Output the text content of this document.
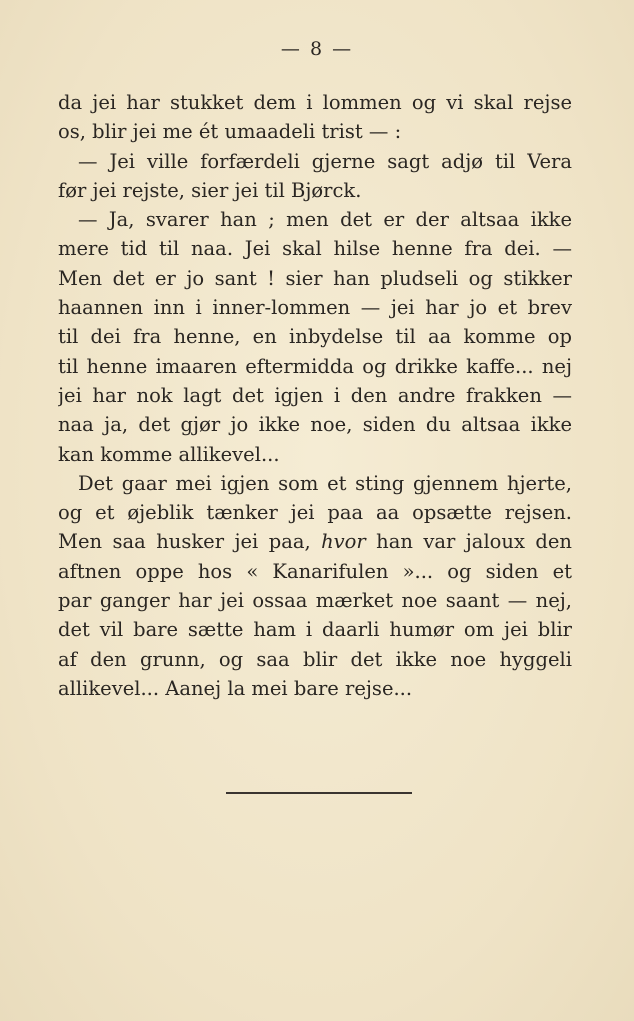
— 8 —
da jei har stukket dem i lommen og vi skal rejse
os, blir jei me ét umaadeli trist — :
— Jei ville forfærdeli gjerne sagt adjø til Vera
før jei rejste, sier jei til Bjørck.
— Ja, svarer han ; men det er der altsaa ikke
mere tid til naa. Jei skal hilse henne fra dei. —
Men det er jo sant ! sier han pludseli og stikker
haannen inn i inner-lommen — jei har jo et brev
til dei fra henne, en inbydelse til aa komme op
til henne imaaren eftermidda og drikke kaffe... nej
jei har nok lagt det igjen i den andre frakken —
naa ja, det gjør jo ikke noe, siden du altsaa ikke
kan komme allikevel...
Det gaar mei igjen som et sting gjennem hjerte,
og et øjeblik tænker jei paa aa opsætte rejsen.
Men saa husker jei paa, hvor han var jaloux den
aftnen oppe hos « Kanarifulen »... og siden et
par ganger har jei ossaa mærket noe saant — nej,
det vil bare sætte ham i daarli humør om jei blir
af den grunn, og saa blir det ikke noe hyggeli
allikevel... Aanej la mei bare rejse...
